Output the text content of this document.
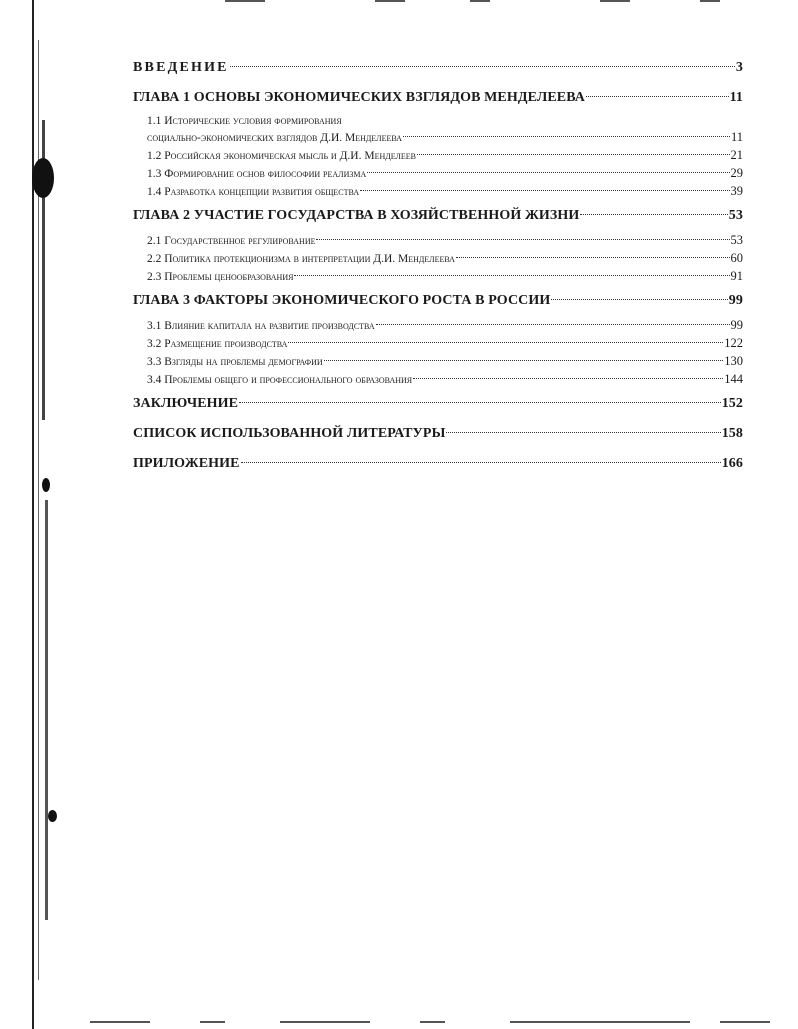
ВВЕДЕНИЕ	3
ГЛАВА 1 ОСНОВЫ ЭКОНОМИЧЕСКИХ ВЗГЛЯДОВ МЕНДЕЛЕЕВА	11
1.1 Исторические условия формирования
социально-экономических взглядов Д.И. Менделеева	11
1.2 Российская экономическая мысль и Д.И. Менделеев	21
1.3 Формирование основ философии реализма	29
1.4 Разработка концепции развития общества	39
ГЛАВА 2 УЧАСТИЕ ГОСУДАРСТВА В ХОЗЯЙСТВЕННОЙ ЖИЗНИ	53
2.1 Государственное регулирование	53
2.2 Политика протекционизма в интерпретации Д.И. Менделеева	60
2.3 Проблемы ценообразования	91
ГЛАВА 3 ФАКТОРЫ ЭКОНОМИЧЕСКОГО РОСТА В РОССИИ	99
3.1 Влияние капитала на развитие производства	99
3.2 Размещение производства	122
3.3 Взгляды на проблемы демографии	130
3.4 Проблемы общего и профессионального образования	144
ЗАКЛЮЧЕНИЕ	152
СПИСОК ИСПОЛЬЗОВАННОЙ ЛИТЕРАТУРЫ	158
ПРИЛОЖЕНИЕ	166
